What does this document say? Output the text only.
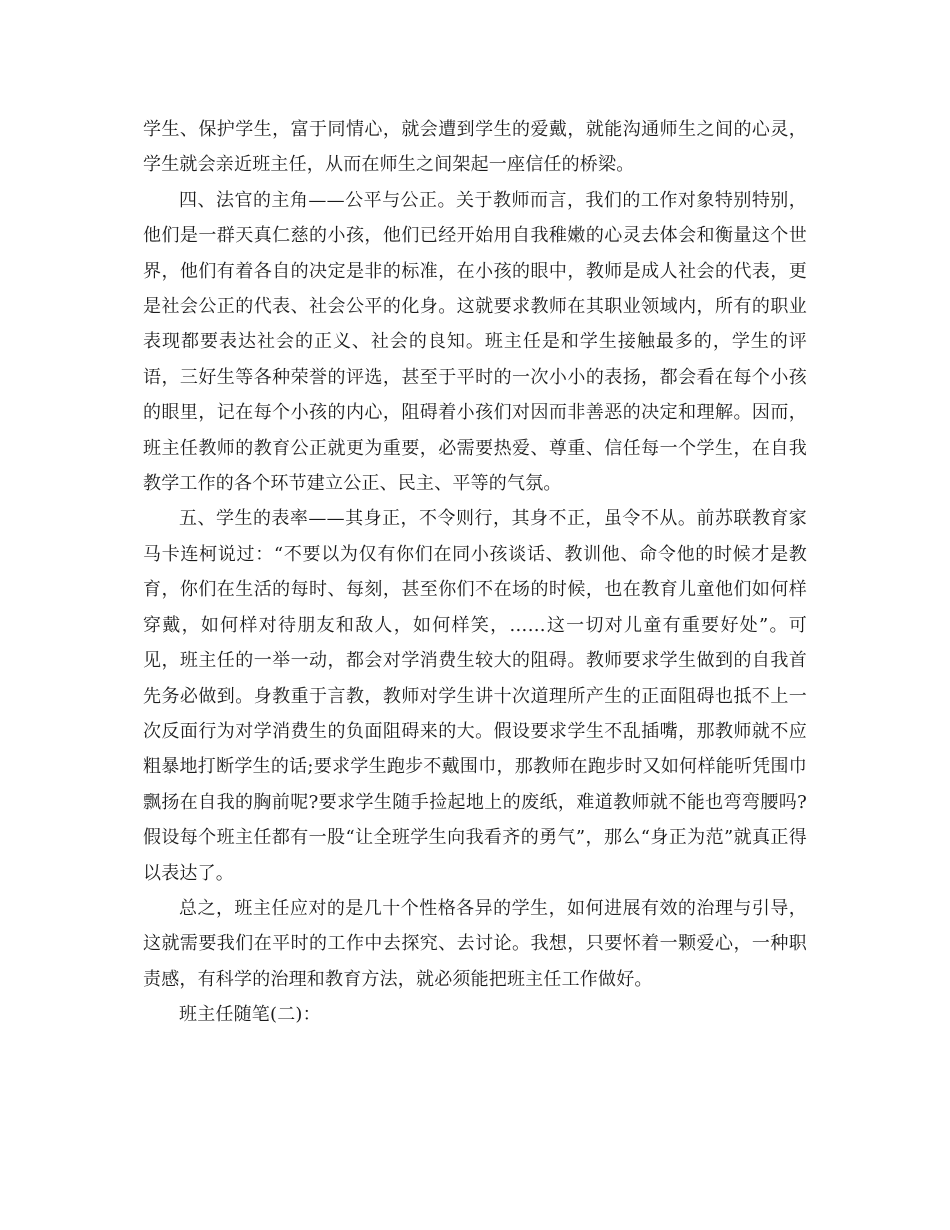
学生、保护学生，富于同情心，就会遭到学生的爱戴，就能沟通师生之间的心灵，学生就会亲近班主任，从而在师生之间架起一座信任的桥梁。

四、法官的主角——公平与公正。关于教师而言，我们的工作对象特别特别，他们是一群天真仁慈的小孩，他们已经开始用自我稚嫩的心灵去体会和衡量这个世界，他们有着各自的决定是非的标准，在小孩的眼中，教师是成人社会的代表，更是社会公正的代表、社会公平的化身。这就要求教师在其职业领域内，所有的职业表现都要表达社会的正义、社会的良知。班主任是和学生接触最多的，学生的评语，三好生等各种荣誉的评选，甚至于平时的一次小小的表扬，都会看在每个小孩的眼里，记在每个小孩的内心，阻碍着小孩们对因而非善恶的决定和理解。因而，班主任教师的教育公正就更为重要，必需要热爱、尊重、信任每一个学生，在自我教学工作的各个环节建立公正、民主、平等的气氛。

五、学生的表率——其身正，不令则行，其身不正，虽令不从。前苏联教育家马卡连柯说过：“不要以为仅有你们在同小孩谈话、教训他、命令他的时候才是教育，你们在生活的每时、每刻，甚至你们不在场的时候，也在教育儿童他们如何样穿戴，如何样对待朋友和敌人，如何样笑，……这一切对儿童有重要好处”。可见，班主任的一举一动，都会对学消费生较大的阻碍。教师要求学生做到的自我首先务必做到。身教重于言教，教师对学生讲十次道理所产生的正面阻碍也抵不上一次反面行为对学消费生的负面阻碍来的大。假设要求学生不乱插嘴，那教师就不应粗暴地打断学生的话;要求学生跑步不戴围巾，那教师在跑步时又如何样能听凭围巾飘扬在自我的胸前呢?要求学生随手捡起地上的废纸，难道教师就不能也弯弯腰吗?假设每个班主任都有一股“让全班学生向我看齐的勇气”，那么“身正为范”就真正得以表达了。

总之，班主任应对的是几十个性格各异的学生，如何进展有效的治理与引导，这就需要我们在平时的工作中去探究、去讨论。我想，只要怀着一颗爱心，一种职责感，有科学的治理和教育方法，就必须能把班主任工作做好。

班主任随笔(二)：
